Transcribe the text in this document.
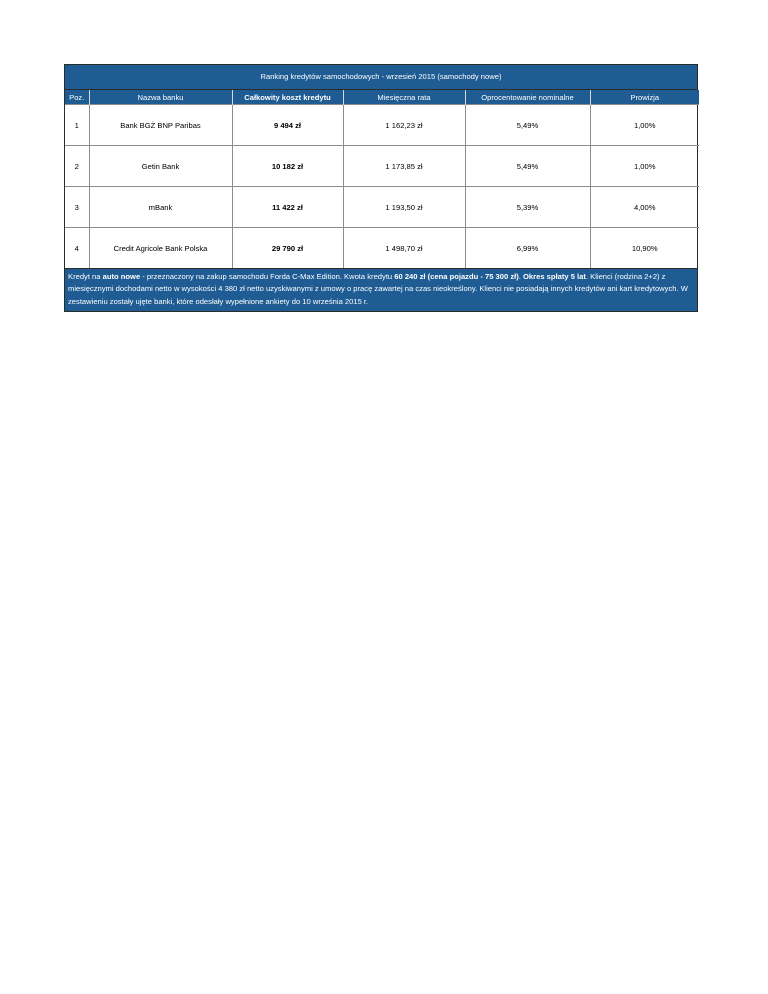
Ranking kredytów samochodowych - wrzesień 2015 (samochody nowe)
Poz.	Nazwa banku	Całkowity koszt kredytu	Miesięczna rata	Oprocentowanie nominalne	Prowizja
1	Bank BGŻ BNP Paribas	9 494 zł	1 162,23 zł	5,49%	1,00%
2	Getin Bank	10 182 zł	1 173,85 zł	5,49%	1,00%
3	mBank	11 422 zł	1 193,50 zł	5,39%	4,00%
4	Credit Agricole Bank Polska	29 790 zł	1 498,70 zł	6,99%	10,90%
Kredyt na auto nowe - przeznaczony na zakup samochodu Forda C-Max Edition. Kwota kredytu 60 240 zł (cena pojazdu - 75 300 zł). Okres spłaty 5 lat. Klienci (rodzina 2+2) z miesięcznymi dochodami netto w wysokości 4 380 zł netto uzyskiwanymi z umowy o pracę zawartej na czas nieokreślony. Klienci nie posiadają innych kredytów ani kart kredytowych. W zestawieniu zostały ujęte banki, które odesłały wypełnione ankiety do 10 września 2015 r.
